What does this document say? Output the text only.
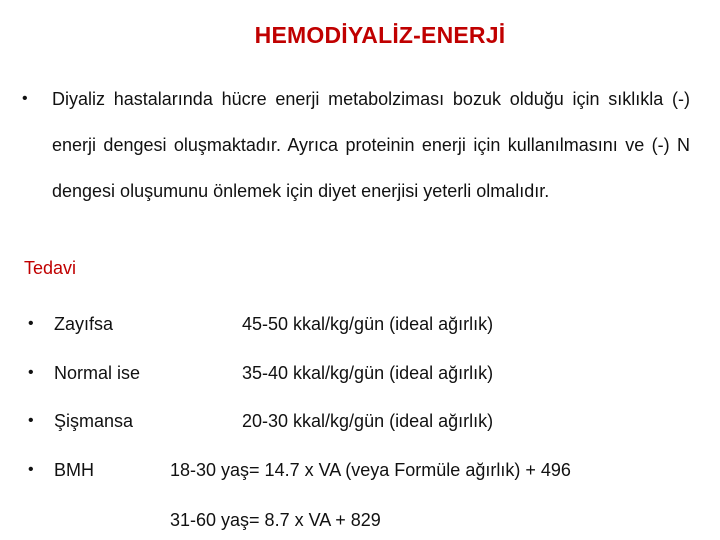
HEMODİYALİZ-ENERJİ
• Diyaliz hastalarında hücre enerji metabolziması bozuk olduğu için sıklıkla (-) enerji dengesi oluşmaktadır. Ayrıca proteinin enerji için kullanılmasını ve (-) N dengesi oluşumunu önlemek için diyet enerjisi yeterli olmalıdır.
Tedavi
• Zayıfsa	45-50 kkal/kg/gün (ideal ağırlık)
• Normal ise	35-40 kkal/kg/gün (ideal ağırlık)
• Şişmansa	20-30 kkal/kg/gün (ideal ağırlık)
• BMH	18-30 yaş= 14.7 x VA (veya Formüle ağırlık) + 496
31-60 yaş= 8.7 x VA + 829
